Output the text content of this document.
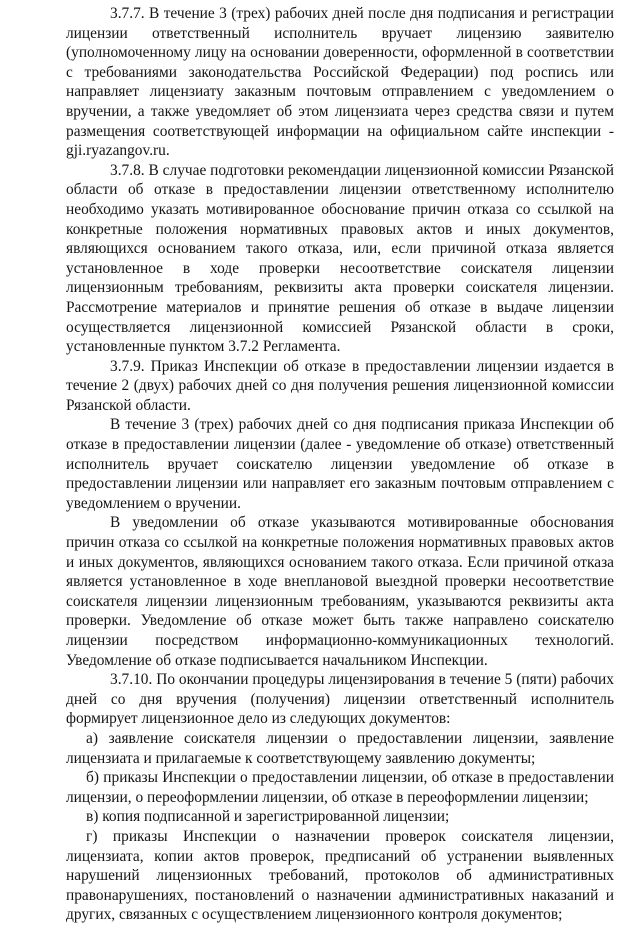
3.7.7. В течение 3 (трех) рабочих дней после дня подписания и регистрации лицензии ответственный исполнитель вручает лицензию заявителю (уполномоченному лицу на основании доверенности, оформленной в соответствии с требованиями законодательства Российской Федерации) под роспись или направляет лицензиату заказным почтовым отправлением с уведомлением о вручении, а также уведомляет об этом лицензиата через средства связи и путем размещения соответствующей информации на официальном сайте инспекции - gji.ryazangov.ru.

3.7.8. В случае подготовки рекомендации лицензионной комиссии Рязанской области об отказе в предоставлении лицензии ответственному исполнителю необходимо указать мотивированное обоснование причин отказа со ссылкой на конкретные положения нормативных правовых актов и иных документов, являющихся основанием такого отказа, или, если причиной отказа является установленное в ходе проверки несоответствие соискателя лицензии лицензионным требованиям, реквизиты акта проверки соискателя лицензии. Рассмотрение материалов и принятие решения об отказе в выдаче лицензии осуществляется лицензионной комиссией Рязанской области в сроки, установленные пунктом 3.7.2 Регламента.

3.7.9. Приказ Инспекции об отказе в предоставлении лицензии издается в течение 2 (двух) рабочих дней со дня получения решения лицензионной комиссии Рязанской области.

В течение 3 (трех) рабочих дней со дня подписания приказа Инспекции об отказе в предоставлении лицензии (далее - уведомление об отказе) ответственный исполнитель вручает соискателю лицензии уведомление об отказе в предоставлении лицензии или направляет его заказным почтовым отправлением с уведомлением о вручении.

В уведомлении об отказе указываются мотивированные обоснования причин отказа со ссылкой на конкретные положения нормативных правовых актов и иных документов, являющихся основанием такого отказа. Если причиной отказа является установленное в ходе внеплановой выездной проверки несоответствие соискателя лицензии лицензионным требованиям, указываются реквизиты акта проверки. Уведомление об отказе может быть также направлено соискателю лицензии посредством информационно-коммуникационных технологий. Уведомление об отказе подписывается начальником Инспекции.

3.7.10. По окончании процедуры лицензирования в течение 5 (пяти) рабочих дней со дня вручения (получения) лицензии ответственный исполнитель формирует лицензионное дело из следующих документов:

а) заявление соискателя лицензии о предоставлении лицензии, заявление лицензиата и прилагаемые к соответствующему заявлению документы;

б) приказы Инспекции о предоставлении лицензии, об отказе в предоставлении лицензии, о переоформлении лицензии, об отказе в переоформлении лицензии;

в) копия подписанной и зарегистрированной лицензии;

г) приказы Инспекции о назначении проверок соискателя лицензии, лицензиата, копии актов проверок, предписаний об устранении выявленных нарушений лицензионных требований, протоколов об административных правонарушениях, постановлений о назначении административных наказаний и других, связанных с осуществлением лицензионного контроля документов;
